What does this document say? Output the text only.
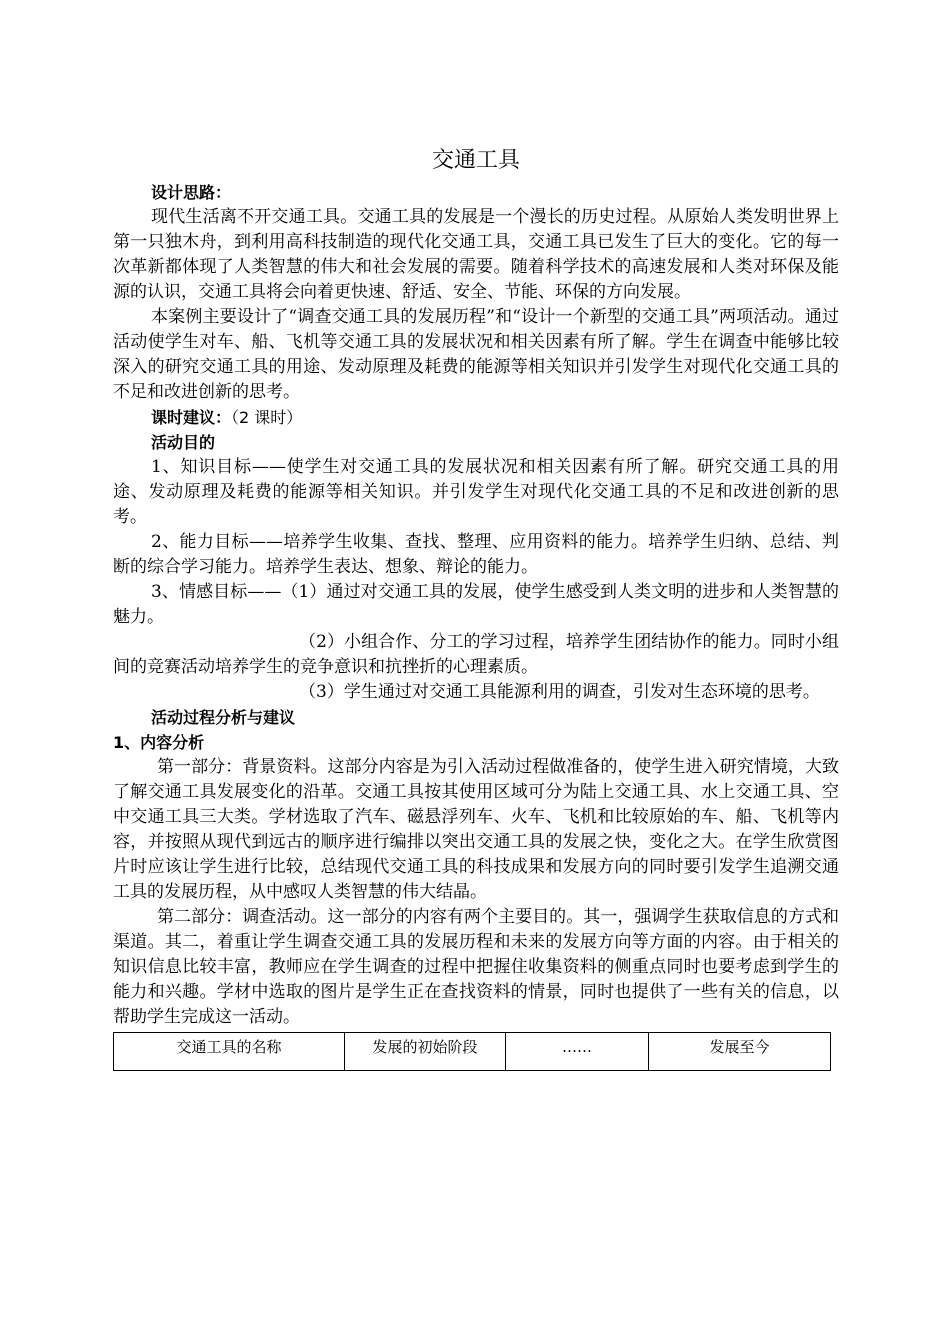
交通工具
设计思路：

现代生活离不开交通工具。交通工具的发展是一个漫长的历史过程。从原始人类发明世界上第一只独木舟，到利用高科技制造的现代化交通工具，交通工具已发生了巨大的变化。它的每一次革新都体现了人类智慧的伟大和社会发展的需要。随着科学技术的高速发展和人类对环保及能源的认识，交通工具将会向着更快速、舒适、安全、节能、环保的方向发展。

本案例主要设计了“调查交通工具的发展历程”和“设计一个新型的交通工具”两项活动。通过活动使学生对车、船、飞机等交通工具的发展状况和相关因素有所了解。学生在调查中能够比较深入的研究交通工具的用途、发动原理及耗费的能源等相关知识并引发学生对现代化交通工具的不足和改进创新的思考。

课时建议：（2 课时）
活动目的

1、知识目标——使学生对交通工具的发展状况和相关因素有所了解。研究交通工具的用途、发动原理及耗费的能源等相关知识。并引发学生对现代化交通工具的不足和改进创新的思考。

2、能力目标——培养学生收集、查找、整理、应用资料的能力。培养学生归纳、总结、判断的综合学习能力。培养学生表达、想象、辩论的能力。

3、情感目标——（1）通过对交通工具的发展，使学生感受到人类文明的进步和人类智慧的魅力。

（2）小组合作、分工的学习过程，培养学生团结协作的能力。同时小组间的竞赛活动培养学生的竞争意识和抗挫折的心理素质。

（3）学生通过对交通工具能源利用的调查，引发对生态环境的思考。

活动过程分析与建议
1、内容分析

第一部分：背景资料。这部分内容是为引入活动过程做准备的，使学生进入研究情境，大致了解交通工具发展变化的沿革。交通工具按其使用区域可分为陆上交通工具、水上交通工具、空中交通工具三大类。学材选取了汽车、磁悬浮列车、火车、飞机和比较原始的车、船、飞机等内容，并按照从现代到远古的顺序进行编排以突出交通工具的发展之快，变化之大。在学生欣赏图片时应该让学生进行比较，总结现代交通工具的科技成果和发展方向的同时要引发学生追溯交通工具的发展历程，从中感叹人类智慧的伟大结晶。

第二部分：调查活动。这一部分的内容有两个主要目的。其一，强调学生获取信息的方式和渠道。其二，着重让学生调查交通工具的发展历程和未来的发展方向等方面的内容。由于相关的知识信息比较丰富，教师应在学生调查的过程中把握住收集资料的侧重点同时也要考虑到学生的能力和兴趣。学材中选取的图片是学生正在查找资料的情景，同时也提供了一些有关的信息，以帮助学生完成这一活动。

交通工具的名称	发展的初始阶段	……	发展至今
